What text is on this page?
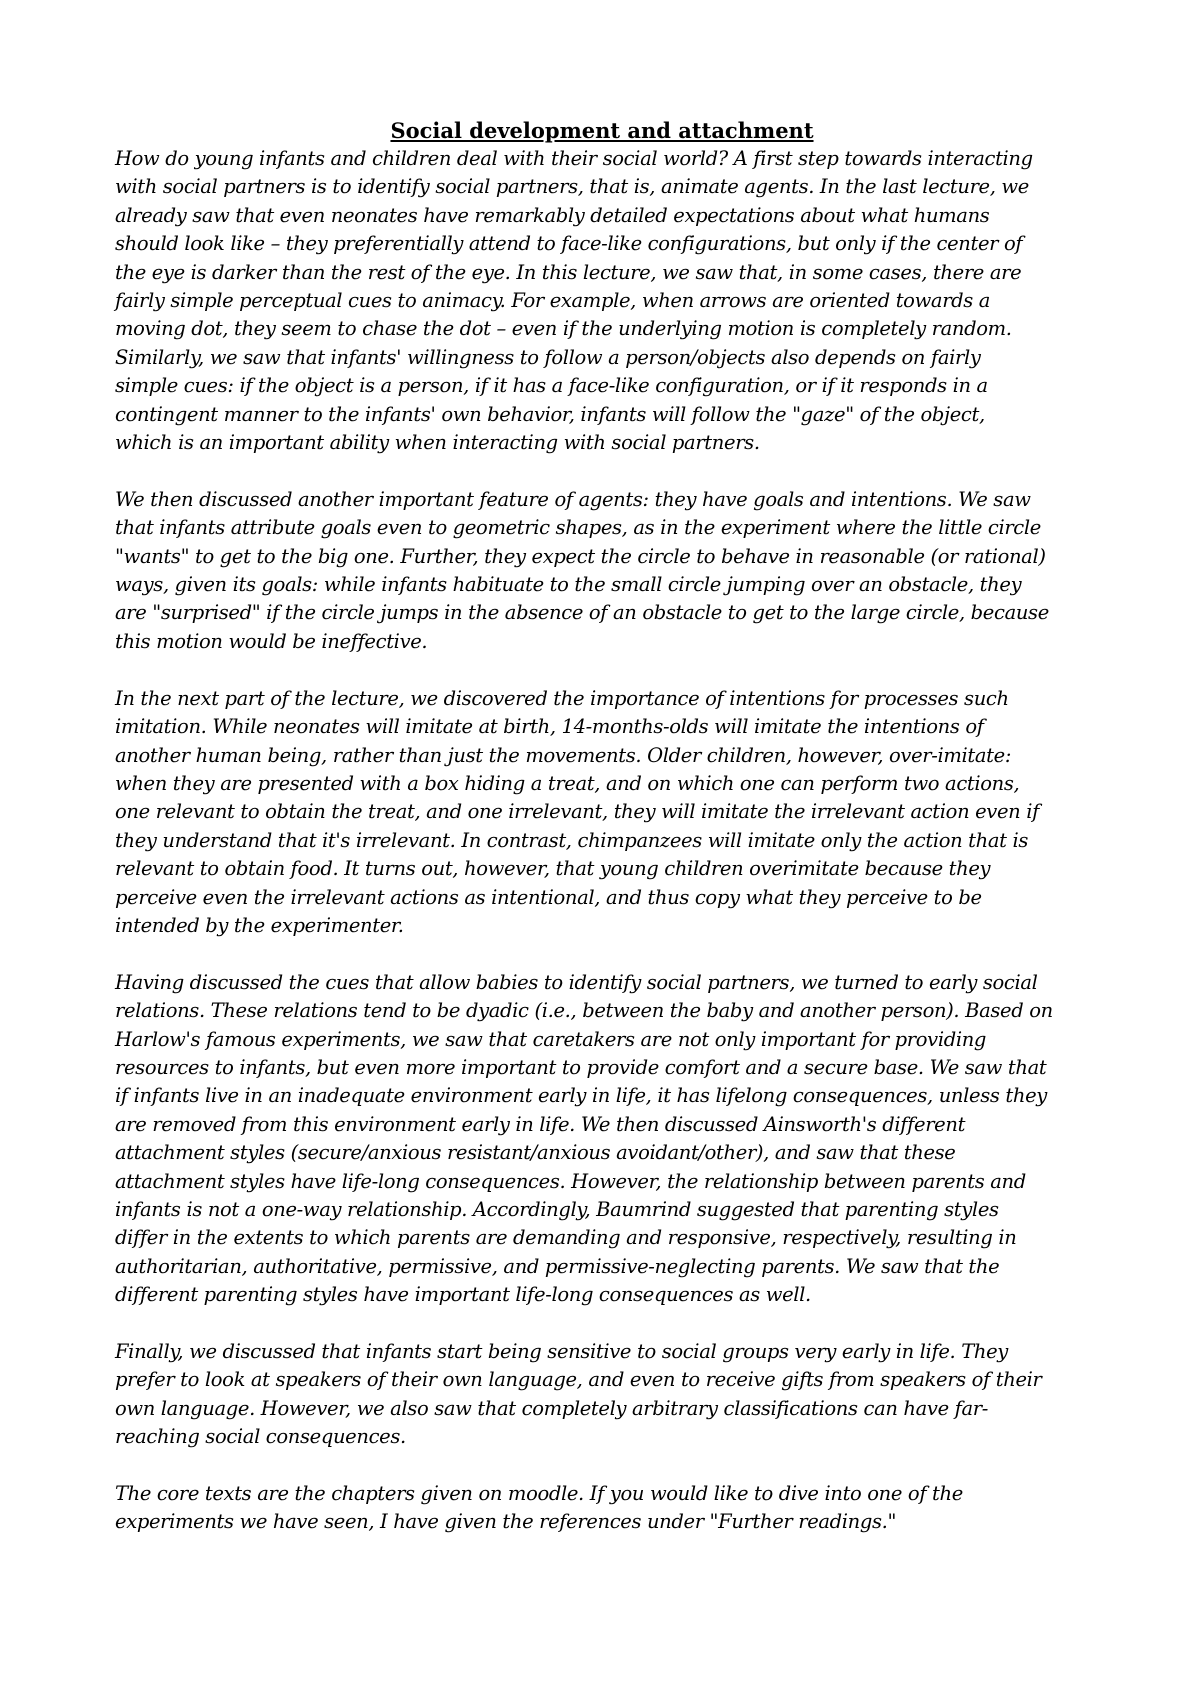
Social development and attachment

How do young infants and children deal with their social world? A first step towards interacting
with social partners is to identify social partners, that is, animate agents. In the last lecture, we
already saw that even neonates have remarkably detailed expectations about what humans
should look like – they preferentially attend to face-like configurations, but only if the center of
the eye is darker than the rest of the eye. In this lecture, we saw that, in some cases, there are
fairly simple perceptual cues to animacy. For example, when arrows are oriented towards a
moving dot, they seem to chase the dot – even if the underlying motion is completely random.
Similarly, we saw that infants' willingness to follow a person/objects also depends on fairly
simple cues: if the object is a person, if it has a face-like configuration, or if it responds in a
contingent manner to the infants' own behavior, infants will follow the "gaze" of the object,
which is an important ability when interacting with social partners.

We then discussed another important feature of agents: they have goals and intentions. We saw
that infants attribute goals even to geometric shapes, as in the experiment where the little circle
"wants" to get to the big one. Further, they expect the circle to behave in reasonable (or rational)
ways, given its goals: while infants habituate to the small circle jumping over an obstacle, they
are "surprised" if the circle jumps in the absence of an obstacle to get to the large circle, because
this motion would be ineffective.

In the next part of the lecture, we discovered the importance of intentions for processes such
imitation. While neonates will imitate at birth, 14-months-olds will imitate the intentions of
another human being, rather than just the movements. Older children, however, over-imitate:
when they are presented with a box hiding a treat, and on which one can perform two actions,
one relevant to obtain the treat, and one irrelevant, they will imitate the irrelevant action even if
they understand that it's irrelevant. In contrast, chimpanzees will imitate only the action that is
relevant to obtain food. It turns out, however, that young children overimitate because they
perceive even the irrelevant actions as intentional, and thus copy what they perceive to be
intended by the experimenter.

Having discussed the cues that allow babies to identify social partners, we turned to early social
relations. These relations tend to be dyadic (i.e., between the baby and another person). Based on
Harlow's famous experiments, we saw that caretakers are not only important for providing
resources to infants, but even more important to provide comfort and a secure base. We saw that
if infants live in an inadequate environment early in life, it has lifelong consequences, unless they
are removed from this environment early in life. We then discussed Ainsworth's different
attachment styles (secure/anxious resistant/anxious avoidant/other), and saw that these
attachment styles have life-long consequences. However, the relationship between parents and
infants is not a one-way relationship. Accordingly, Baumrind suggested that parenting styles
differ in the extents to which parents are demanding and responsive, respectively, resulting in
authoritarian, authoritative, permissive, and permissive-neglecting parents. We saw that the
different parenting styles have important life-long consequences as well.

Finally, we discussed that infants start being sensitive to social groups very early in life. They
prefer to look at speakers of their own language, and even to receive gifts from speakers of their
own language. However, we also saw that completely arbitrary classifications can have far-
reaching social consequences.

The core texts are the chapters given on moodle. If you would like to dive into one of the
experiments we have seen, I have given the references under "Further readings."
